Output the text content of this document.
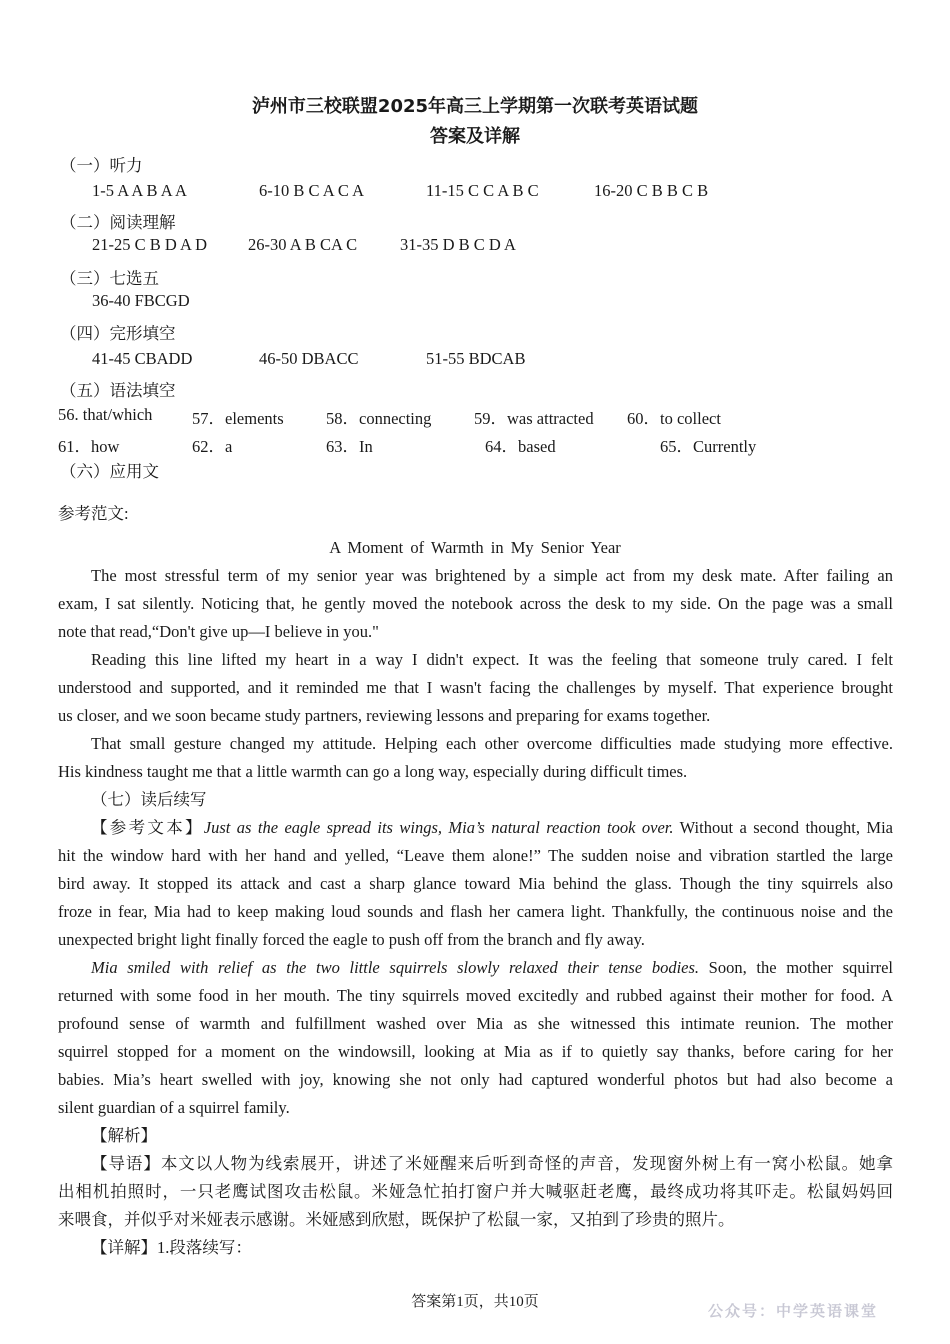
泸州市三校联盟2025年高三上学期第一次联考英语试题
答案及详解
（一）听力
1-5 A A B A A	6-10 B C A C A	11-15 C C A B C	16-20 C B B C B
（二）阅读理解
21-25 C B D A D 26-30 A B CA C	31-35 D B C D A
（三）七选五
36-40 FBCGD
（四）完形填空
41-45 CBADD	46-50 DBACC	51-55 BDCAB
（五）语法填空
56. that/which 57．elements	58．connecting	59．was attracted 60．to collect
61．how	62．a	63．In	64．based	65．Currently
（六）应用文
参考范文:
A Moment of Warmth in My Senior Year
The most stressful term of my senior year was brightened by a simple act from my desk mate. After failing an
exam, I sat silently. Noticing that, he gently moved the notebook across the desk to my side. On the page was a small
note that read,“Don't give up—I believe in you."
Reading this line lifted my heart in a way I didn't expect. It was the feeling that someone truly cared. I felt
understood and supported, and it reminded me that I wasn't facing the challenges by myself. That experience brought
us closer, and we soon became study partners, reviewing lessons and preparing for exams together.
That small gesture changed my attitude. Helping each other overcome difficulties made studying more effective.
His kindness taught me that a little warmth can go a long way, especially during difficult times.
（七）读后续写
【参考文本】Just as the eagle spread its wings, Mia’s natural reaction took over. Without a second thought, Mia
hit the window hard with her hand and yelled, “Leave them alone!” The sudden noise and vibration startled the large
bird away. It stopped its attack and cast a sharp glance toward Mia behind the glass. Though the tiny squirrels also
froze in fear, Mia had to keep making loud sounds and flash her camera light. Thankfully, the continuous noise and the
unexpected bright light finally forced the eagle to push off from the branch and fly away.
Mia smiled with relief as the two little squirrels slowly relaxed their tense bodies. Soon, the mother squirrel
returned with some food in her mouth. The tiny squirrels moved excitedly and rubbed against their mother for food. A
profound sense of warmth and fulfillment washed over Mia as she witnessed this intimate reunion. The mother
squirrel stopped for a moment on the windowsill, looking at Mia as if to quietly say thanks, before caring for her
babies. Mia’s heart swelled with joy, knowing she not only had captured wonderful photos but had also become a
silent guardian of a squirrel family.
【解析】
【导语】本文以人物为线索展开，讲述了米娅醒来后听到奇怪的声音，发现窗外树上有一窝小松鼠。她拿
出相机拍照时，一只老鹰试图攻击松鼠。米娅急忙拍打窗户并大喊驱赶老鹰，最终成功将其吓走。松鼠妈妈回
来喂食，并似乎对米娅表示感谢。米娅感到欣慰，既保护了松鼠一家，又拍到了珍贵的照片。
【详解】1.段落续写：
答案第1页，共10页	公众号：中学英语课堂
